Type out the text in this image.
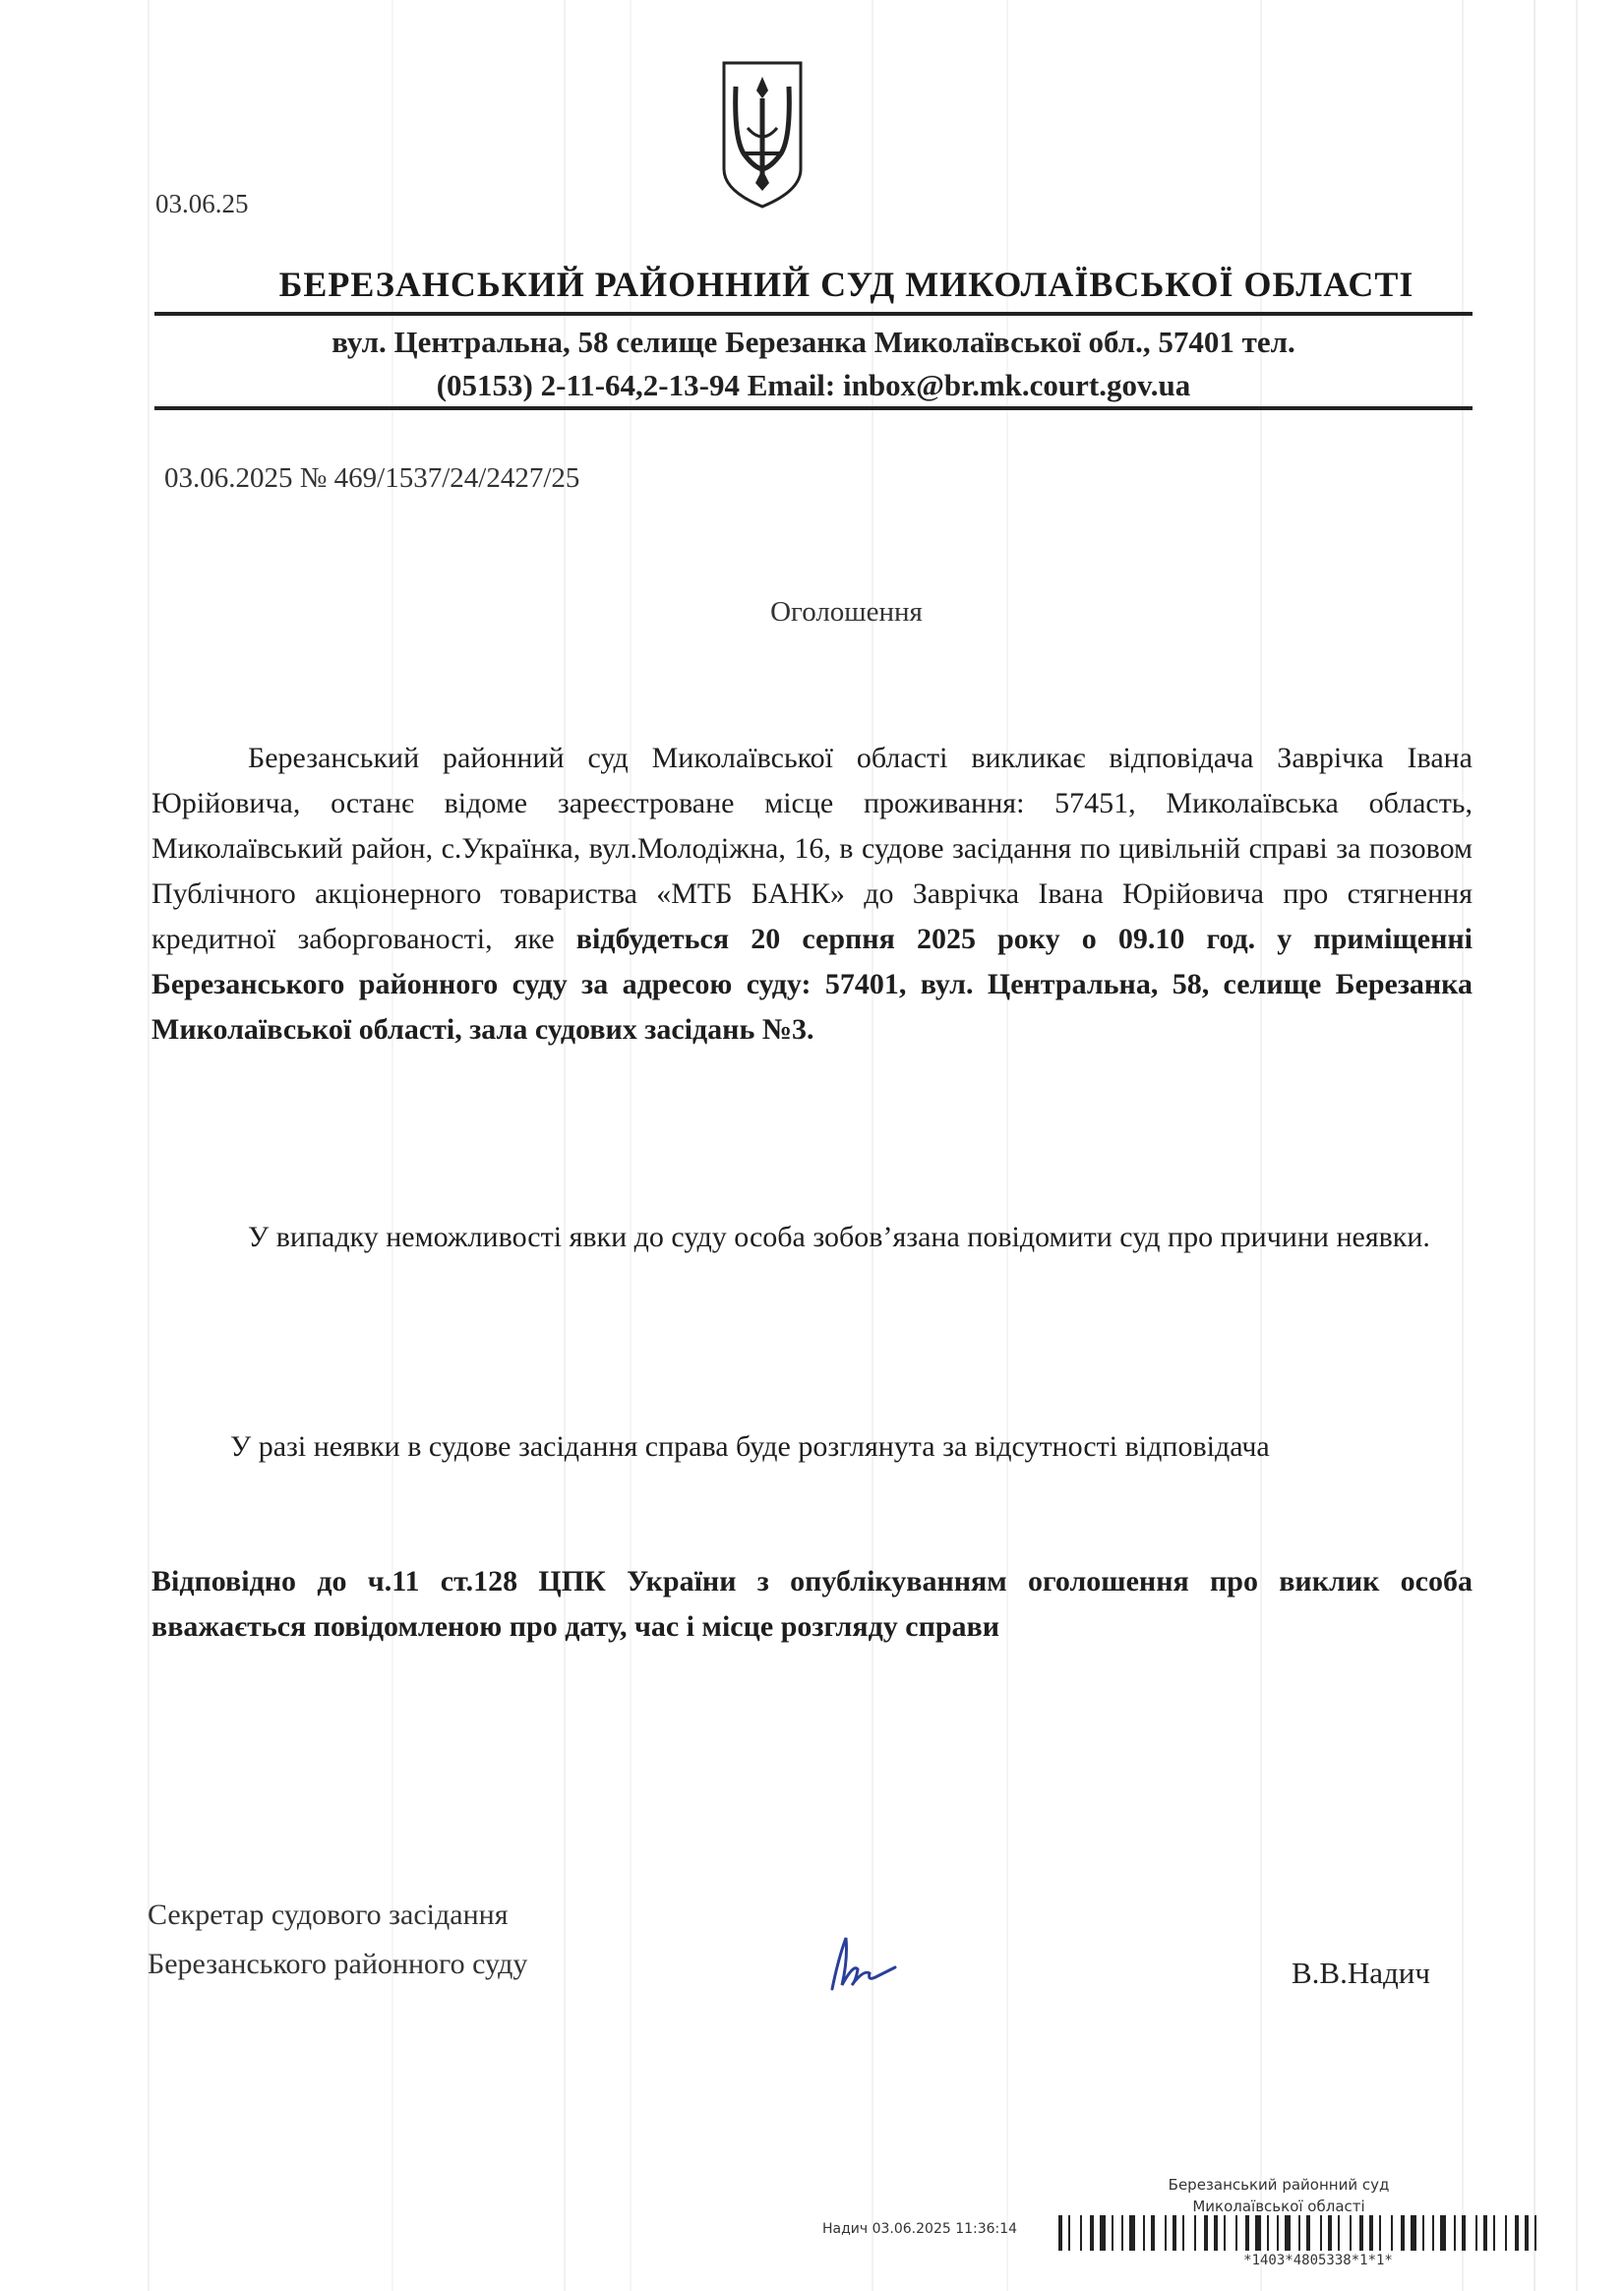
03.06.25
БЕРЕЗАНСЬКИЙ РАЙОННИЙ СУД МИКОЛАЇВСЬКОЇ ОБЛАСТІ
вул. Центральна, 58 селище Березанка Миколаївської обл., 57401 тел.
(05153) 2-11-64,2-13-94 Email: inbox@br.mk.court.gov.ua
03.06.2025 № 469/1537/24/2427/25
Оголошення
Березанський районний суд Миколаївської області викликає відповідача Заврічка Івана Юрійовича, останє відоме зареєстроване місце проживання: 57451, Миколаївська область, Миколаївський район, с.Українка, вул.Молодіжна, 16, в судове засідання по цивільній справі за позовом Публічного акціонерного товариства «МТБ БАНК» до Заврічка Івана Юрійовича про стягнення кредитної заборгованості, яке відбудеться 20 серпня 2025 року о 09.10 год. у приміщенні Березанського районного суду за адресою суду: 57401, вул. Центральна, 58, селище Березанка Миколаївської області, зала судових засідань №3.
У випадку неможливості явки до суду особа зобов’язана повідомити суд про причини неявки.
У разі неявки в судове засідання справа буде розглянута за відсутності відповідача
Відповідно до ч.11 ст.128 ЦПК України з опублікуванням оголошення про виклик особа вважається повідомленою про дату, час і місце розгляду справи
Секретар судового засідання
Березанського районного суду	В.В.Надич
Березанський районний суд
Миколаївської області
Надич 03.06.2025 11:36:14
*1403*4805338*1*1*
